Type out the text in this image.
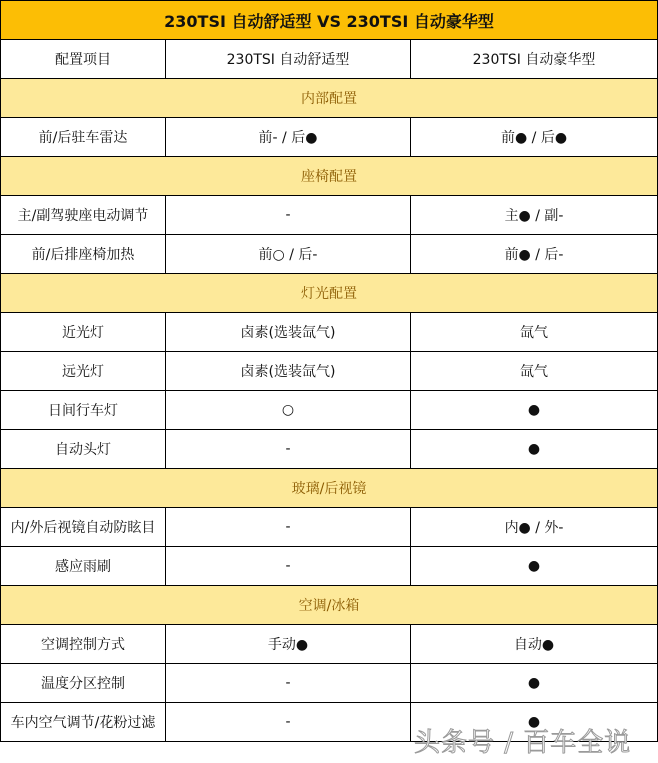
230TSI 自动舒适型 VS 230TSI 自动豪华型		
配置项目	230TSI 自动舒适型	230TSI 自动豪华型
内部配置		
前/后驻车雷达	前- / 后●	前● / 后●
座椅配置		
主/副驾驶座电动调节	-	主● / 副-
前/后排座椅加热	前○ / 后-	前● / 后-
灯光配置		
近光灯	卤素(选装氙气)	氙气
远光灯	卤素(选装氙气)	氙气
日间行车灯	○	●
自动头灯	-	●
玻璃/后视镜		
内/外后视镜自动防眩目	-	内● / 外-
感应雨刷	-	●
空调/冰箱		
空调控制方式	手动●	自动●
温度分区控制	-	●
车内空气调节/花粉过滤	-	●
头条号 / 百车全说
